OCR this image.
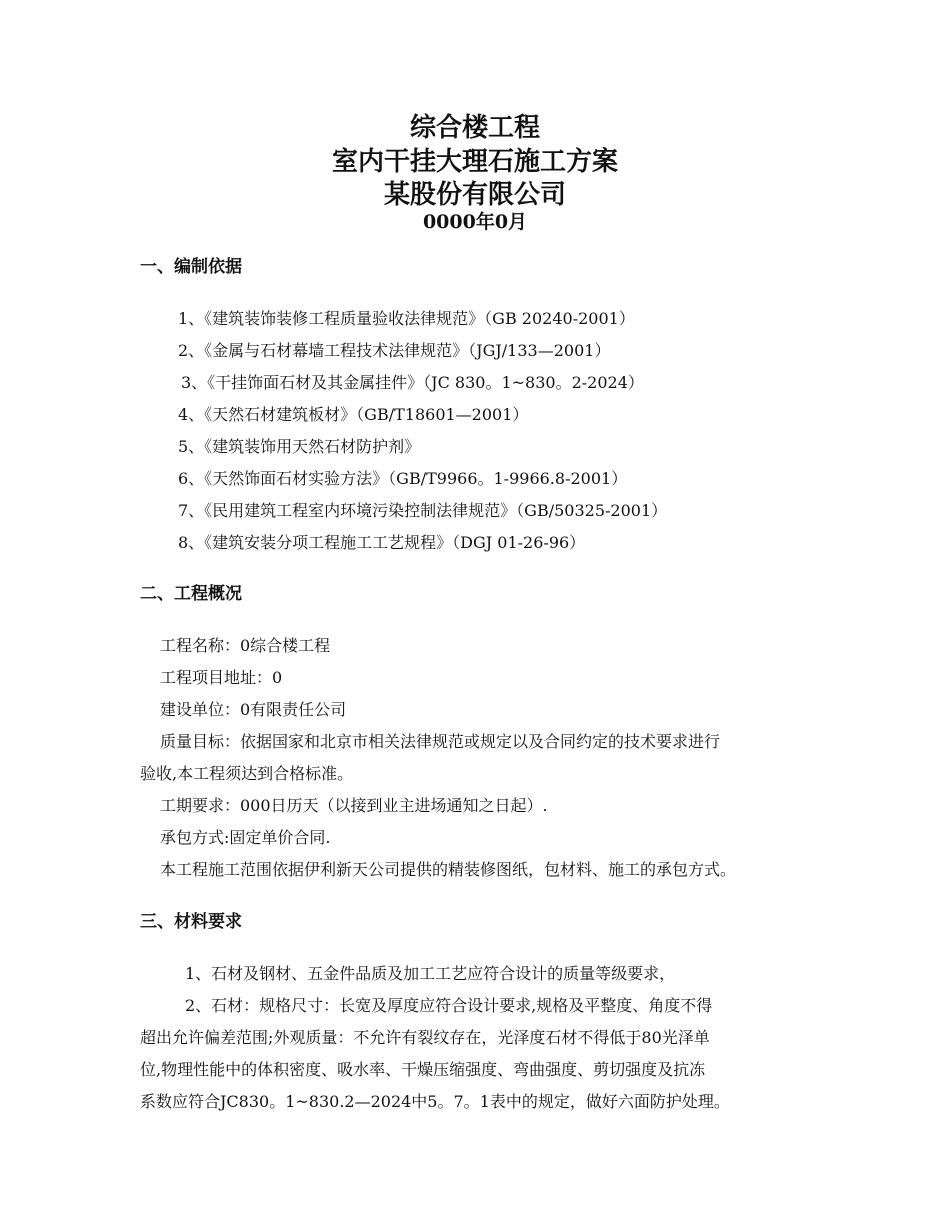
综合楼工程
室内干挂大理石施工方案
某股份有限公司
0000年0月
一、编制依据
1、《建筑装饰装修工程质量验收法律规范》（GB 20240-2001）
2、《金属与石材幕墙工程技术法律规范》（JGJ/133—2001）
3、《干挂饰面石材及其金属挂件》（JC 830。1~830。2-2024）
4、《天然石材建筑板材》（GB/T18601—2001）
5、《建筑装饰用天然石材防护剂》
6、《天然饰面石材实验方法》（GB/T9966。1-9966.8-2001）
7、《民用建筑工程室内环境污染控制法律规范》（GB/50325-2001）
8、《建筑安装分项工程施工工艺规程》（DGJ 01-26-96）
二、工程概况
工程名称：0综合楼工程
工程项目地址：0
建设单位：0有限责任公司
质量目标：依据国家和北京市相关法律规范或规定以及合同约定的技术要求进行
验收,本工程须达到合格标准。
工期要求：000日历天（以接到业主进场通知之日起）.
承包方式:固定单价合同.
本工程施工范围依据伊利新天公司提供的精装修图纸，包材料、施工的承包方式。
三、材料要求
1、石材及钢材、五金件品质及加工工艺应符合设计的质量等级要求，
2、石材：规格尺寸：长宽及厚度应符合设计要求,规格及平整度、角度不得
超出允许偏差范围;外观质量：不允许有裂纹存在，光泽度石材不得低于80光泽单
位,物理性能中的体积密度、吸水率、干燥压缩强度、弯曲强度、剪切强度及抗冻
系数应符合JC830。1~830.2—2024中5。7。1表中的规定，做好六面防护处理。
